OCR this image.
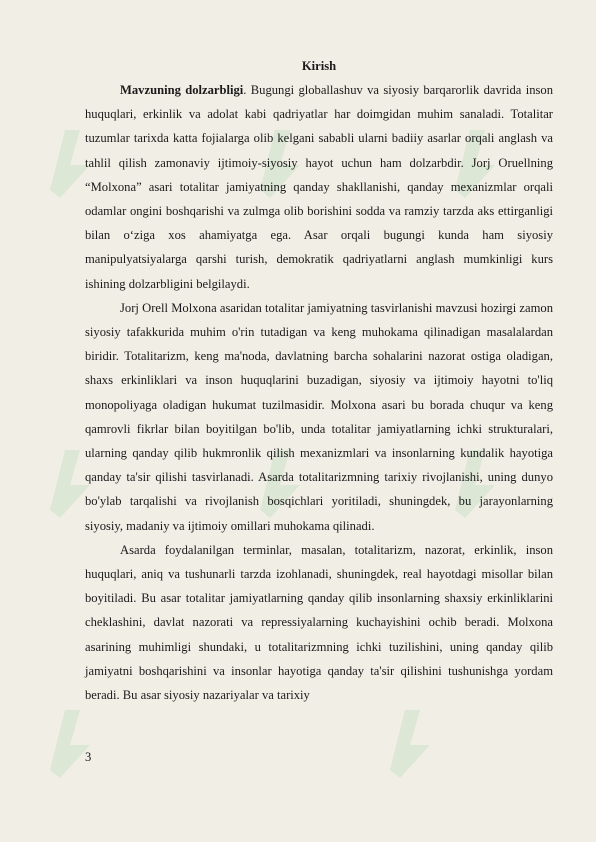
Kirish

Mavzuning dolzarbligi. Bugungi globallashuv va siyosiy barqarorlik davrida inson huquqlari, erkinlik va adolat kabi qadriyatlar har doimgidan muhim sanaladi. Totalitar tuzumlar tarixda katta fojialarga olib kelgani sababli ularni badiiy asarlar orqali anglash va tahlil qilish zamonaviy ijtimoiy-siyosiy hayot uchun ham dolzarbdir. Jorj Oruellning “Molxona” asari totalitar jamiyatning qanday shakllanishi, qanday mexanizmlar orqali odamlar ongini boshqarishi va zulmga olib borishini sodda va ramziy tarzda aks ettirganligi bilan o‘ziga xos ahamiyatga ega. Asar orqali bugungi kunda ham siyosiy manipulyatsiyalarga qarshi turish, demokratik qadriyatlarni anglash mumkinligi kurs ishining dolzarbligini belgilaydi.

Jorj Orell Molxona asaridan totalitar jamiyatning tasvirlanishi mavzusi hozirgi zamon siyosiy tafakkurida muhim o'rin tutadigan va keng muhokama qilinadigan masalalardan biridir. Totalitarizm, keng ma'noda, davlatning barcha sohalarini nazorat ostiga oladigan, shaxs erkinliklari va inson huquqlarini buzadigan, siyosiy va ijtimoiy hayotni to'liq monopoliyaga oladigan hukumat tuzilmasidir. Molxona asari bu borada chuqur va keng qamrovli fikrlar bilan boyitilgan bo'lib, unda totalitar jamiyatlarning ichki strukturalari, ularning qanday qilib hukmronlik qilish mexanizmlari va insonlarning kundalik hayotiga qanday ta'sir qilishi tasvirlanadi. Asarda totalitarizmning tarixiy rivojlanishi, uning dunyo bo'ylab tarqalishi va rivojlanish bosqichlari yoritiladi, shuningdek, bu jarayonlarning siyosiy, madaniy va ijtimoiy omillari muhokama qilinadi.

Asarda foydalanilgan terminlar, masalan, totalitarizm, nazorat, erkinlik, inson huquqlari, aniq va tushunarli tarzda izohlanadi, shuningdek, real hayotdagi misollar bilan boyitiladi. Bu asar totalitar jamiyatlarning qanday qilib insonlarning shaxsiy erkinliklarini cheklashini, davlat nazorati va repressiyalarning kuchayishini ochib beradi. Molxona asarining muhimligi shundaki, u totalitarizmning ichki tuzilishini, uning qanday qilib jamiyatni boshqarishini va insonlar hayotiga qanday ta'sir qilishini tushunishga yordam beradi. Bu asar siyosiy nazariyalar va tarixiy

3
